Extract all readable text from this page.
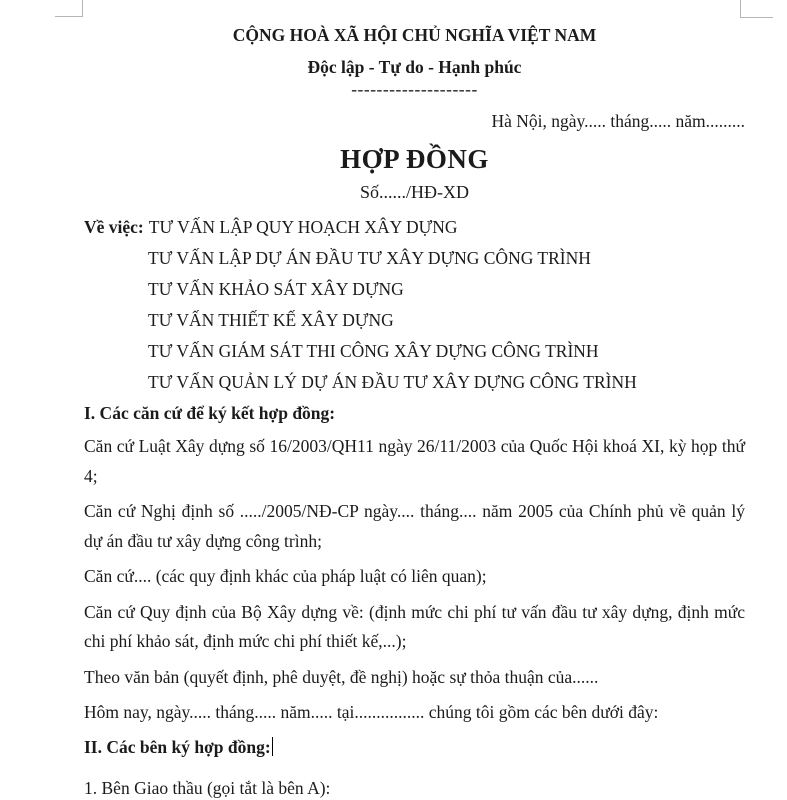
CỘNG HOÀ XÃ HỘI CHỦ NGHĨA VIỆT NAM
Độc lập - Tự do - Hạnh phúc
--------------------
Hà Nội, ngày..... tháng..... năm.........
HỢP ĐỒNG
Số....../HĐ-XD
Về việc: TƯ VẤN LẬP QUY HOẠCH XÂY DỰNG
TƯ VẤN LẬP DỰ ÁN ĐẦU TƯ XÂY DỰNG CÔNG TRÌNH
TƯ VẤN KHẢO SÁT XÂY DỰNG
TƯ VẤN THIẾT KẾ XÂY DỰNG
TƯ VẤN GIÁM SÁT THI CÔNG XÂY DỰNG CÔNG TRÌNH
TƯ VẤN QUẢN LÝ DỰ ÁN ĐẦU TƯ XÂY DỰNG CÔNG TRÌNH
I. Các căn cứ để ký kết hợp đồng:

Căn cứ Luật Xây dựng số 16/2003/QH11 ngày 26/11/2003 của Quốc Hội khoá XI, kỳ họp thứ 4;

Căn cứ Nghị định số ...../2005/NĐ-CP ngày.... tháng.... năm 2005 của Chính phủ về quản lý dự án đầu tư xây dựng công trình;

Căn cứ.... (các quy định khác của pháp luật có liên quan);

Căn cứ Quy định của Bộ Xây dựng về: (định mức chi phí tư vấn đầu tư xây dựng, định mức chi phí khảo sát, định mức chi phí thiết kế,...);

Theo văn bản (quyết định, phê duyệt, đề nghị) hoặc sự thỏa thuận của......

Hôm nay, ngày..... tháng..... năm..... tại................ chúng tôi gồm các bên dưới đây:

II. Các bên ký hợp đồng:
1. Bên Giao thầu (gọi tắt là bên A):
